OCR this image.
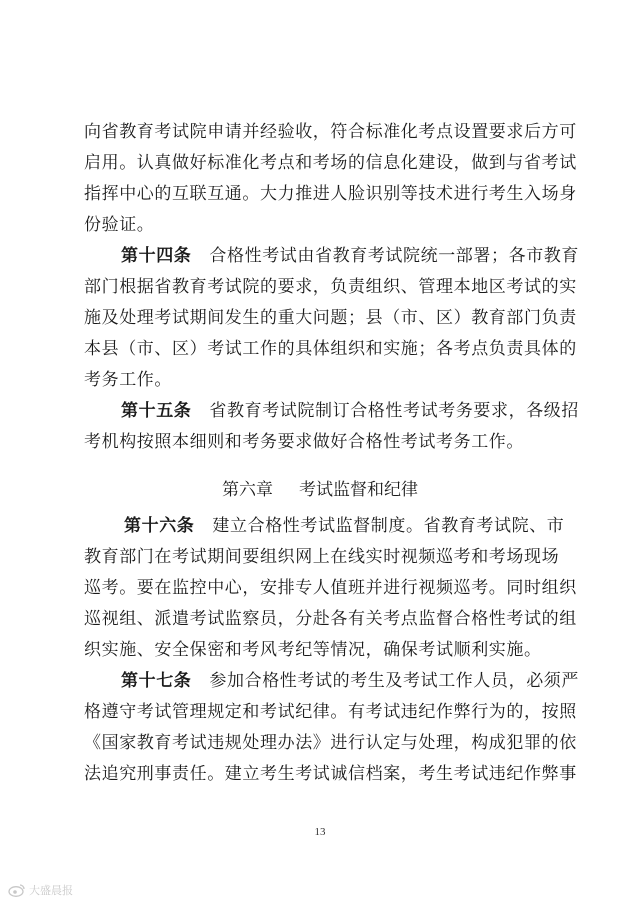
向省教育考试院申请并经验收，符合标准化考点设置要求后方可
启用。认真做好标准化考点和考场的信息化建设，做到与省考试
指挥中心的互联互通。大力推进人脸识别等技术进行考生入场身
份验证。
第十四条 合格性考试由省教育考试院统一部署；各市教育
部门根据省教育考试院的要求，负责组织、管理本地区考试的实
施及处理考试期间发生的重大问题；县（市、区）教育部门负责
本县（市、区）考试工作的具体组织和实施；各考点负责具体的
考务工作。
第十五条 省教育考试院制订合格性考试考务要求，各级招
考机构按照本细则和考务要求做好合格性考试考务工作。
第六章 考试监督和纪律
第十六条 建立合格性考试监督制度。省教育考试院、市
教育部门在考试期间要组织网上在线实时视频巡考和考场现场
巡考。要在监控中心，安排专人值班并进行视频巡考。同时组织
巡视组、派遣考试监察员，分赴各有关考点监督合格性考试的组
织实施、安全保密和考风考纪等情况，确保考试顺利实施。
第十七条 参加合格性考试的考生及考试工作人员，必须严
格遵守考试管理规定和考试纪律。有考试违纪作弊行为的，按照
《国家教育考试违规处理办法》进行认定与处理，构成犯罪的依
法追究刑事责任。建立考生考试诚信档案，考生考试违纪作弊事
13
大盛晨报
